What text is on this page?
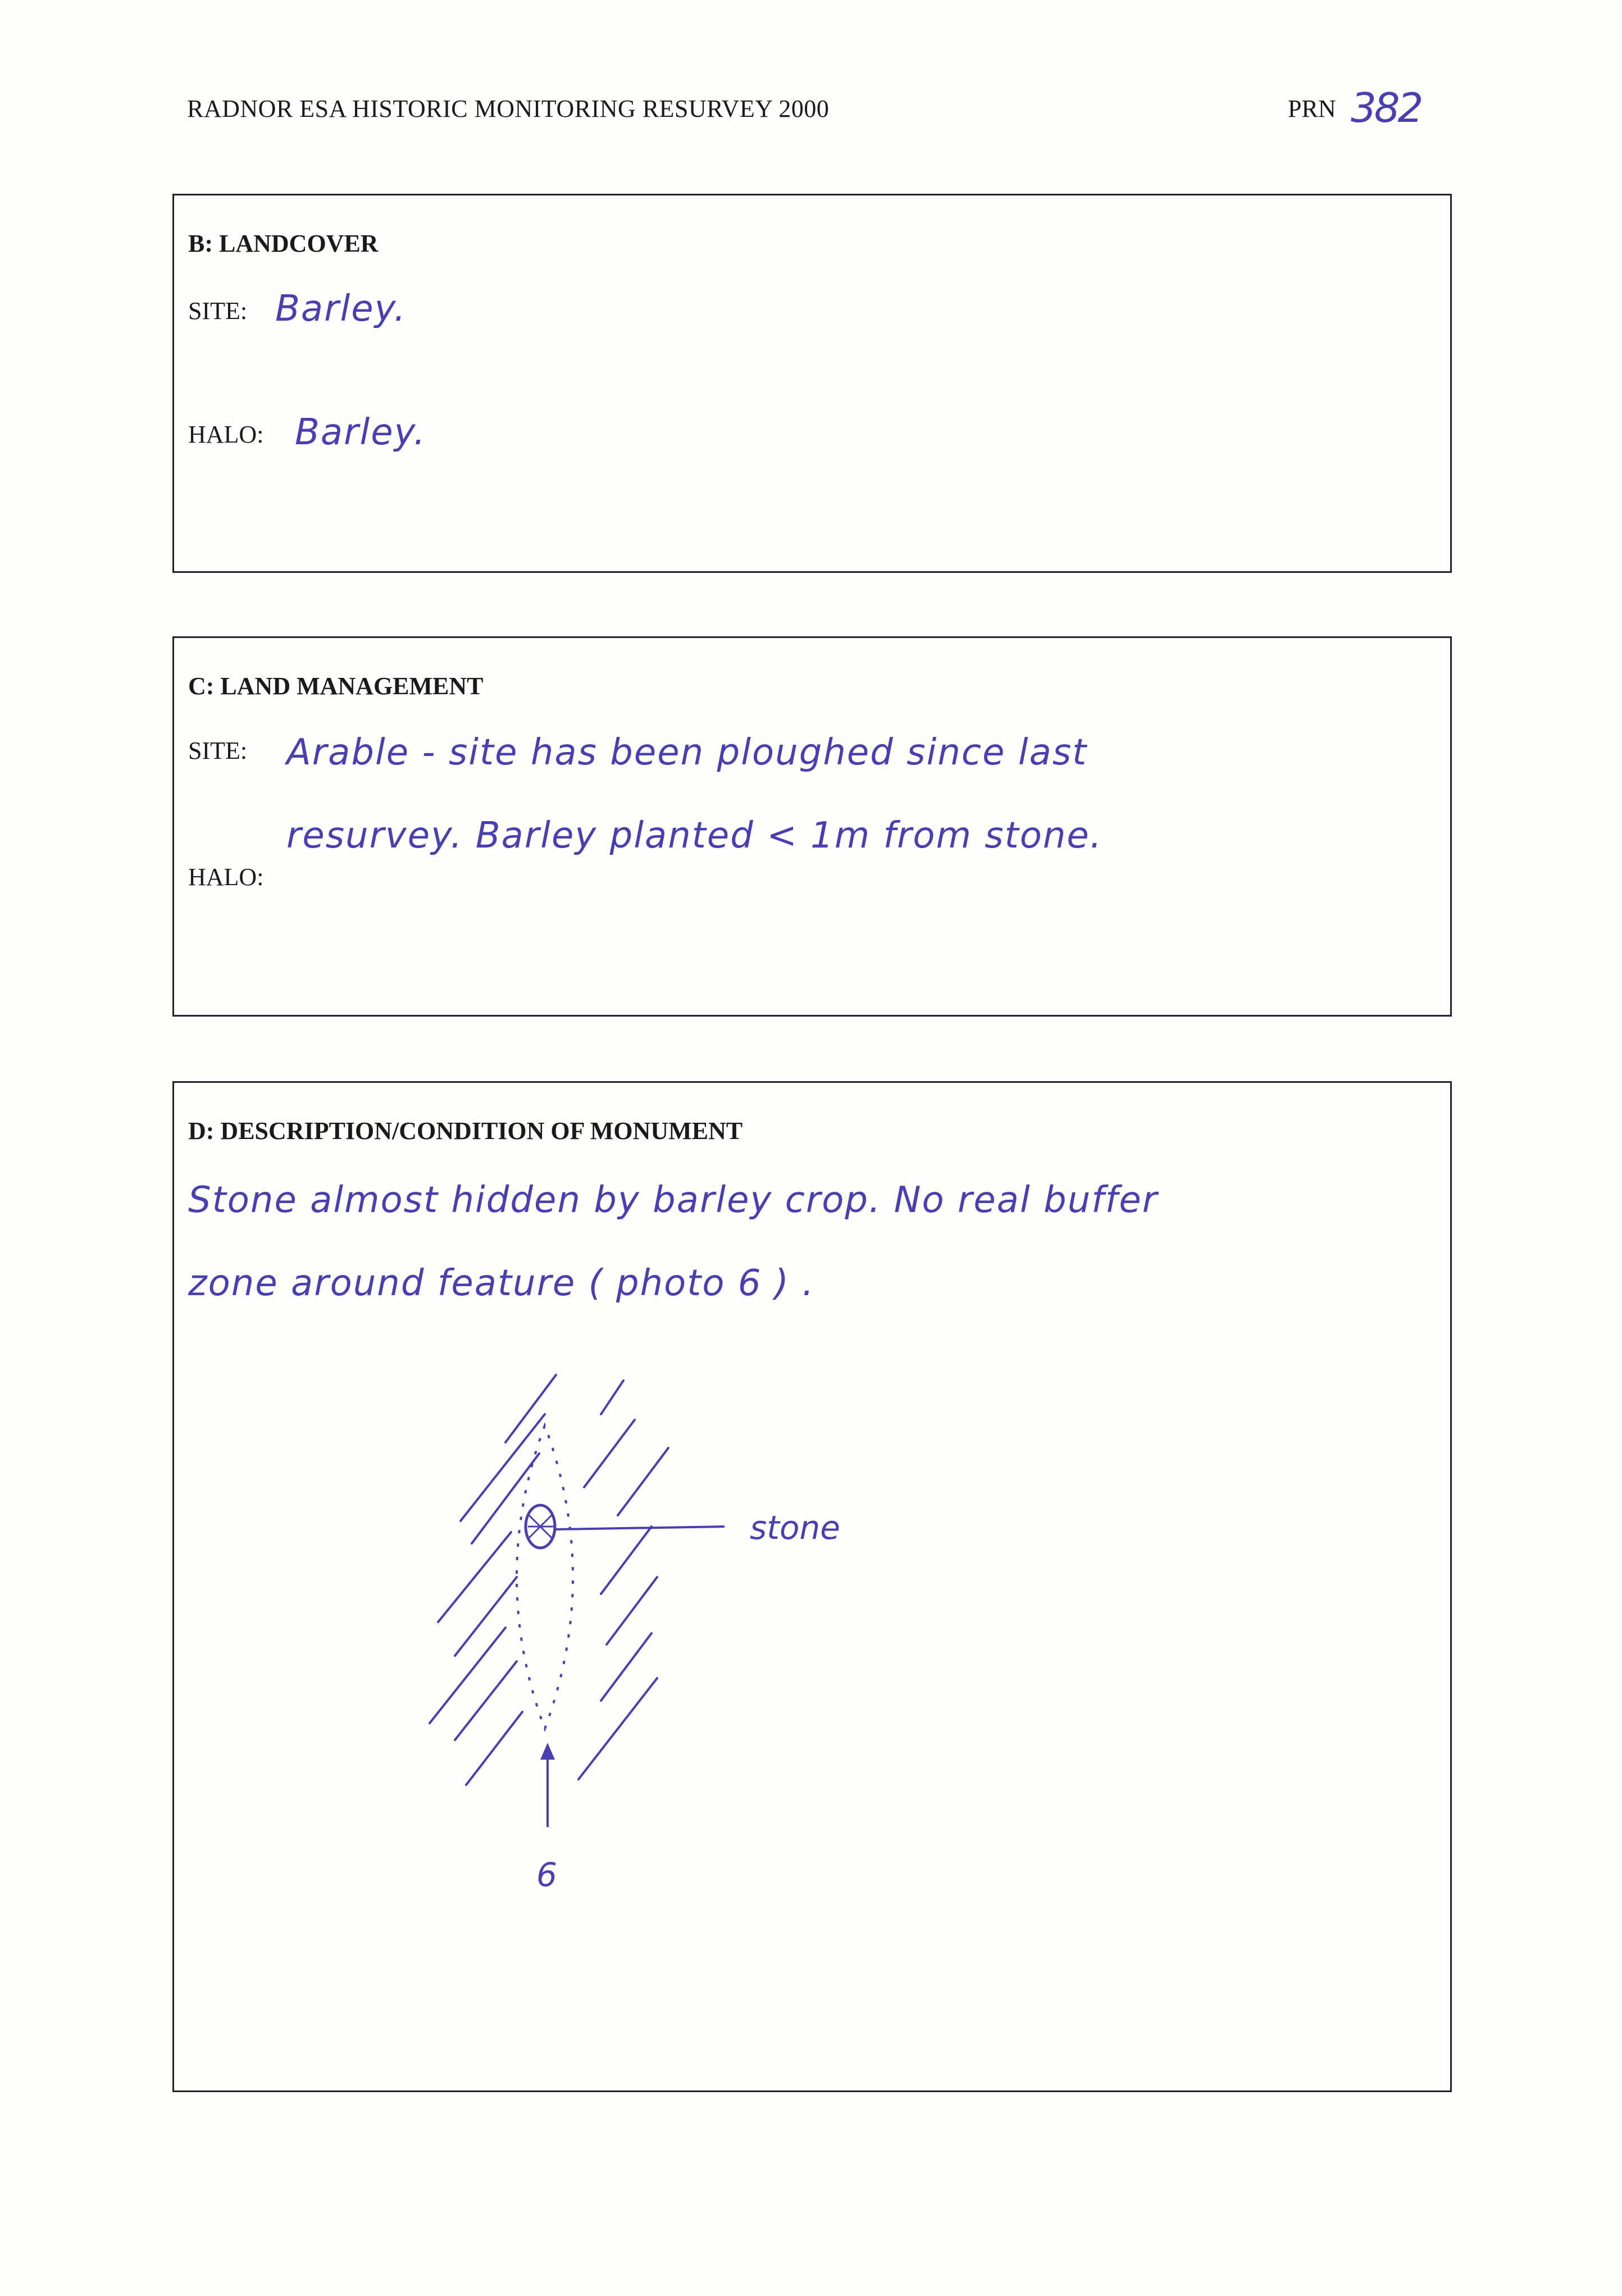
RADNOR ESA HISTORIC MONITORING RESURVEY 2000	PRN 382
B: LANDCOVER
SITE: Barley.
HALO: Barley.
C: LAND MANAGEMENT
SITE: Arable - site has been ploughed since last
resurvey. Barley planted < 1m from stone.
HALO:
D: DESCRIPTION/CONDITION OF MONUMENT
Stone almost hidden by barley crop. No real buffer
zone around feature ( photo 6 ) .
stone
6
